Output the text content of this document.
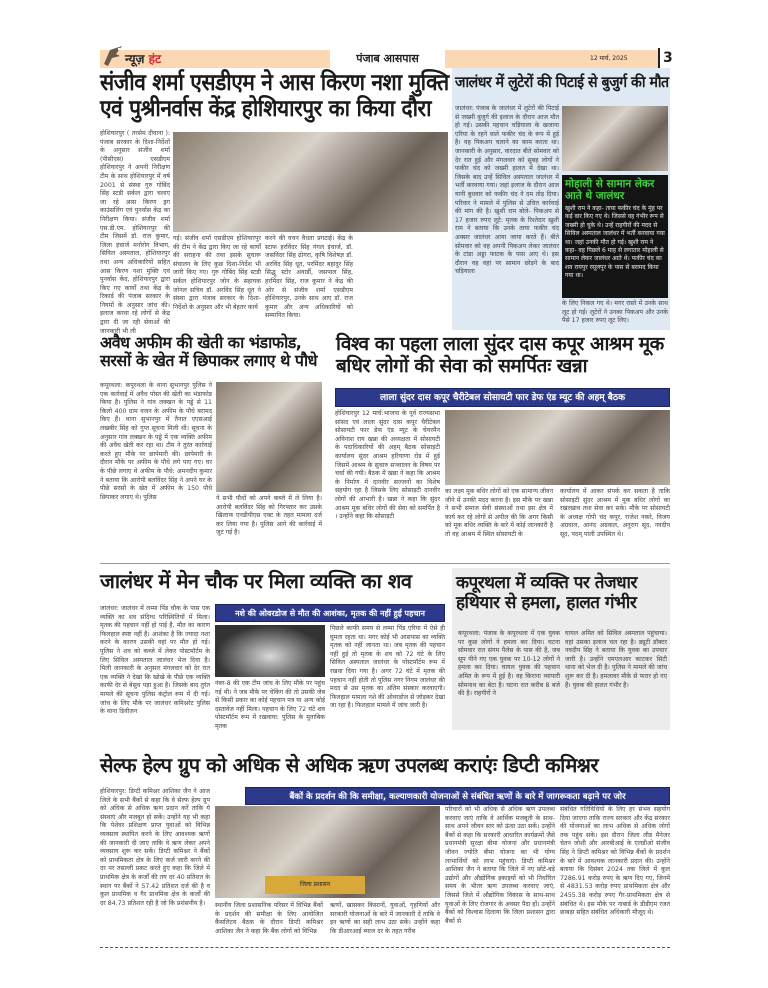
न्यूज़ हंट	पंजाब आसपास	12 मार्च, 2025	3
संजीव शर्मा एसडीएम ने आस किरण नशा मुक्ति एवं पुश्रीनर्वास केंद्र होशियारपुर का किया दौरा
होशियारपुर ( तरसेम दीवाना ): पंजाब सरकार के दिशा-निर्देशों के अनुसार संजीव शर्मा (पीसीएस) एसडीएम होशियारपुर ने अपनी निरीक्षण टीम के साथ होशियारपुर में वर्ष 2001 से संस्था गुरु गोबिंद सिंह स्टडी सर्कल द्वारा चलाए जा रहे आस किरण ड्रग काउंसलिंग एवं पुनर्वास केंद्र का निरीक्षण किया। संजीव शर्मा एस.डी.एम. होशियारपुर की टीम जिसमें डॉ. राज कुमार, जिला इंचार्ज मनोरोग विभाग, सिविल अस्पताल, होशियारपुर तथा अन्य अधिकारियों सहित आस किरण नशा मुक्ति एवं पुनर्वास केंद, होशियारपुर द्वारा किए गए कार्यों तथा केंद्र के रिकार्ड की पंजाब सरकार के नियमों के अनुसार जांच की। इलाज करवा रहे लोगों से केंद्र द्वारा दी जा रही सेवाओं की जानकारी भी ली
गई। संजीव शर्मा एसडीएम होशियारपुर की टीम ने केंद्र द्वारा किए जा रहे कार्यों की सराहना की तथा इसके सुचारू संचालन के लिए कुछ दिशा-निर्देश भी जारी किए गए। गुरु गोबिंद सिंह स्टडी सर्कल होशियारपुर जोन के सहायक जोनल सचिव डॉ. अरविंद सिंह धूत ने संस्था द्वारा पंजाब सरकार के दिशा-निर्देशों के अनुसार और भी बेहतर कार्य
करने की वचन वैधता प्रगटाई। केंद्र के स्टाफ हरविंदर सिंह गंगल इंचार्ज, डॉ. जसविंदर सिंह ढोगरा, कृषि विशेषज्ञ डॉ. अरविंद सिंह धूत, परमिंदर बहादुर सिंह सिद्धू स्टोर अवार्डी, जसपाल सिंह, हरमिंदर सिंह, राज कुमार ने केंद्र की ओर से संजीव शर्मा एसडीएम होशियारपुर, उनके साथ आए डॉ. राज कुमार और अन्य अधिकारियों को सम्मानित किया।
जालंधर में लुटेरों की पिटाई से बुजुर्ग की मौत
जालंधर: पंजाब के जालंधर में लुटेरों की पिटाई से जख्मी बुजुर्ग की इलाज के दौरान आज मौत हो गई। उसकी पहचान चड़ियाला के खजाना एरिया के रहने वाले फकीर चंद के रूप में हुई है। वह पिकअप चलाने का काम करता था। जानकारी के अनुसार, वारदात बीते सोमवार को देर रात हुई और मंगलवार को सुबह लोगों ने फकीर चंद को जख्मी हालत में देखा था। जिसके बाद उन्हें सिविल अस्पताल जालंधर में भर्ती करवाया गया। जहां इलाज के दौरान आज यानी बुधवार को फकीर चंद ने दम तोड़ दिया। परिवार ने मामले में पुलिस से उचित कार्रवाई की मांग की है। खुशी राम बोले- पिकअप से 17 हजार रुपए लूटे: मृतक के रिश्तेदार खुशी राम ने बताया कि उनके ताया फकीर चंद अक्सर जालंधर आया जाया करते हैं। बीते सोमवार को वह अपनी पिकअप लेकर जालंधर के टांडा अड्डा फाटक के पास आए थे। इस दौरान वह वहां पर सामान छोड़ने के बाद चड़ियाला
मोहाली से सामान लेकर आते थे जालंधर
खुशी राम ने कहा- ताया फकीर चंद के मुंह पर कई वार किए गए थे। जिससे वह गंभीर रूप से जख्मी हो चुके थे। उन्हें राहगीरों की मदद से सिविल अस्पताल जालंधर में भर्ती करवाया गया था। जहां उनकी मौत हो गई। खुशी राम ने कहा- वह पिछले 6 माह से लगातार मोहाली से सामान लेकर जालंधर आते थे। फकीर चंद का शव रायपुर रसूलपुर के पास से बरामद किया गया था।
के लिए निकल गए थे। मगर रास्ते में उनके साथ लूट हो गई। लुटेरों ने उनका पिकअप और उनके पैसे 17 हजार रुपए लूट लिए।
अवैध अफीम की खेती का भंडाफोड, सरसों के खेत में छिपाकर लगाए थे पौधे
कपूरथला: कपूरथला के थाना सुभानपुर पुलिस ने एक कार्रवाई में अवैध पोस्त की खेती का भंडाफोड किया है। पुलिस ने गांव लक्खन के पड्डे से 11 किलो 400 ग्राम वजन के अफीम के पौधे बरामद किए हैं। थाना सुभानपुर में तैनात एएसआई लखबीर सिंह को गुप्त सूचना मिली थी। सूचना के अनुसार गांव लक्खन के पड्डे में एक व्यक्ति अफीम की अवैध खेती कर रहा था। टीम ने तुरंत कार्रवाई करते हुए मौके पर छापेमारी की। छापेमारी के दौरान मौके पर अफीम के पौधे लगे पाए गए। घर के पीछे लगाए थे अफीम के पौधे: अमनदीप कुमार ने बताया कि आरोपी बलविंदर सिंह ने अपने घर के पीछे सरसों के खेत में अफीम के 150 पौधे छिपाकर लगाए थे। पुलिस	ने सभी पौधों को अपने कब्जे में ले लिया है। आरोपी बलविंदर सिंह को गिरफ्तार कर उसके खिलाफ एनडीपीएस एक्ट के तहत मामला दर्ज कर लिया गया है। पुलिस आगे की कार्रवाई में जुट गई है।
विश्व का पहला लाला सुंदर दास कपूर आश्रम मूक बधिर लोगों की सेवा को समर्पितः खन्ना
लाला सुंदर दास कपूर चैरीटेबल सोसायटी फार डेफ एंड म्यूट की अहम् बैठक
होशियारपुर 12 मार्च:भाजपा के पूर्व राज्यसभा सांसद एवं लाला सुंदर दास कपूर चैरीटेबल सोसायटी फार डेफ एंड म्यूट के चेयरमैन अविनाश राय खन्ना की अध्यक्षता में सोसायटी के पदाधिकारियों की अहम् बैठक सोसाइटी कार्यालय सुंदर आश्रम हरियाणा रोड में हुई जिसमें आश्रम के सुचारु सञ्चालन के विषय पर चर्चा की गयी। बैठक में खन्ना ने कहा कि आश्रम के निर्माण में दानवीर सज्जनों का विशेष सहयोग रहा है जिसके लिए सोसाइटी दानवीर लोगों की आभारी है। खन्ना ने कहा कि सुंदर आश्रम मूक बधिर लोगों की सेवा को समर्पित है । उन्होंने कहा कि सोसाइटी
का लक्ष्य मूक बधिर लोगों को एक सामान्य जीवन जीने में उनकी मदद करना है। इस मौके पर खन्ना ने सभी समाज सेवी संस्थाओं तथा इस क्षेत्र में कार्य कर रहे लोगों से अपील की कि अगर किसी को मूक बधिर व्यक्ति के बारे में कोई जानकारी है तो वह आश्रम में स्थित सोसायटी के
कार्यालय में आकर संपर्क कर सकता है ताकि सोसाइटी सुंदर आश्रम में मूक बधिर लोगों का रखरखाव तथा सेवा कर सके। मौके पर सोसायटी के अध्यक्ष गोपी चंद कपूर, राजेश नकरे, विजय अग्रवाल, आनंद अग्रवाल, अनुराग सूद, नवदीप सूद, पदम् पाली उपस्थित थे।
जालंधर में मेन चौक पर मिला व्यक्ति का शव
जालंधर: जालंधर में लम्मा पिंड चौक के पास एक व्यक्ति का शव संदिग्ध परिस्थितियों में मिला। मृतक की पहचान नहीं हो पाई है, मौत का कारण फिलहाल स्पष्ट नहीं है। आशंका है कि ज्यादा नशा करने के कारण उसकी वहां पर मौत हो गई। पुलिस ने शव को कब्जे में लेकर पोस्टमॉर्टम के लिए सिविल अस्पताल जालंधर भेज दिया है। मिली जानकारी के अनुसार मंगलवार को देर रात एक व्यक्ति ने देखा कि खोखे के पीछे एक व्यक्ति काफी देर से बेसुध पड़ा हुआ है। जिसके बाद तुरंत मामले की सूचना पुलिस कंट्रोल रूम में दी गई। जांच के लिए मौके पर जालंधर कमिश्नरेट पुलिस के थाना डिवीजन
नशे की ओवरडोज से मौत की आशंका, मृतक की नहीं हुई पहचान
नंबर-8 की एक टीम जांच के लिए मौके पर पहुंच गई थी। ने जब मौके पर चेकिंग की तो उसकी जेब से किसी प्रकार का कोई पहचान पत्र या अन्य कोई दस्तावेज नहीं मिला। पहचान के लिए 72 घंटे शव पोस्टमॉर्टम रूम में रखवाया: पुलिस के मुताबिक मृतक
पिछले काफी समय से लम्मा पिंड एरिया में ऐसे ही घूमता रहता था। मगर कोई भी आसपास का व्यक्ति मृतक को नहीं जानता था। जब मृतक की पहचान नहीं हुई तो मृतक के शव को 72 घंटे के लिए सिविल अस्पताल जालंधर के पोस्टमॉर्टम रूम में रखवा दिया गया है। अगर 72 घंटे में मृतक की पहचान नहीं होती तो पुलिस नगर निगम जालंधर की मदद से उस मृतक का अंतिम संस्कार करवाएगी। फिलहाल मामला नशे की ओवरडोज से जोड़कर देखा जा रहा है। फिलहाल मामले में जांच जारी है।
कपूरथला में व्यक्ति पर तेजधार हथियार से हमला, हालत गंभीर
कपूरथला: पंजाब के कपूरथला में एक युवक पर कुछ लोगों ने हमला कर दिया। घटना सोमवार रात संगम पैलेस के पास की है, जब सूप पीने गए एक युवक पर 10-12 लोगों ने हमला कर दिया। घायल युवक की पहचान अमित के रूप में हुई है। वह किराना व्यापारी सोमनाथ का बेटा है। घटना रात करीब 8 बजे की है। राहगीरों ने
घायल अमित को सिविल अस्पताल पहुंचाया। वहां उसका इलाज चल रहा है। ड्यूटी डॉक्टर नवदीप सिंह ने बताया कि युवक का उपचार जारी है। उन्होंने एमएलआर काटकर सिटी थाना को भेज दी है। पुलिस ने मामले की जांच शुरू कर दी है। हमलावर मौके से फरार हो गए हैं। युवक की हालत गंभीर है।
सेल्फ हेल्प ग्रुप को अधिक से अधिक ऋण उपलब्ध कराएंः डिप्टी कमिश्नर
बैंकों के प्रदर्शन की कि समीक्षा, कल्याणकारी योजनाओं से संबंधित ऋणों के बारे में जागरूकता बढ़ाने पर जोर
होशियारपुर: डिप्टी कमिश्नर आशिका जैन ने आज जिले के सभी बैंकों से कहा कि वे सेल्फ हेल्प ग्रुप को अधिक से अधिक ऋण प्रदान करें ताकि ये संस्थाएं और मजबूत हो सकें। उन्होंने यह भी कहा कि पेशेवर प्रशिक्षण प्राप्त युवाओं को विभिन्न व्यवसाय स्थापित करने के लिए आवश्यक ऋणों की जानकारी दी जाए ताकि वे ऋण लेकर अपने व्यवसाय शुरू कर सकें। डिप्टी कमिश्नर ने बैंकों को प्राथमिकता क्षेत्र के लिए कर्ज जारी करने की दर पर तसल्ली प्रकट करते हुए कहा कि जिले में प्राथमिक क्षेत्र के कर्जों की तय दर 40 प्रतिशत के स्थान पर बैंकों ने 57.42 प्रतिशत दर्ज की है व कुल प्राथमिक व गैर प्राथमिक क्षेत्र के कर्जों की दर 84.73 प्रतिशत रही है जो कि प्रशंसनीय है।
जिला प्रशासन
स्थानीय जिला प्रशासनिक परिसर में विभिन्न बैंकों के प्रदर्शन की समीक्षा के लिए आयोजित कैंसलिटव बैठक के दौरान डिप्टी कमिश्नर आशिका जैन ने कहा कि बैंक लोगों को विभिन्न
ऋणों, खासकर किसानों, युवाओं, गृहणियों और सरकारी योजनाओं के बारे में जानकारी दें ताकि वे इन ऋणों का सही लाभ उठा सकें। उन्होंने कहा कि डीआरआई ब्याज दर के तहत गरीब
परिवारों को भी अधिक से अधिक ऋण उपलब्ध करवाए जाएं ताकि वे आर्थिक मजबूती के साथ-साथ अपने जीवन स्तर को ऊंचा उठा सकें। उन्होंने बैंकों से कहा कि सरकारी आधारित कार्यक्रमों जैसे प्रधानमंत्री सुरक्षा बीमा योजना और प्रधानमंत्री जीवन ज्योति बीमा योजना का भी योग्य लाभार्थियों को लाभ पहुंचाएं। डिप्टी कमिश्नर आशिका जैन ने बताया कि जिले में नए छोटे-बड़े उद्योगों और औद्योगिक इकाइयों को भी निर्धारित समय के भीतर ऋण उपलब्ध करवाए जाएं, जिससे जिले में औद्योगिक विकास के साथ-साथ युवाओं के लिए रोजगार के अवसर पैदा हों। उन्होंने बैंकों को विश्वास दिलाया कि जिला प्रशासन द्वारा बैंकों से
संबंधित गतिविधियों के लिए हर संभव सहयोग दिया जाएगा ताकि राज्य सरकार और केंद्र सरकार की योजनाओं का लाभ अधिक से अधिक लोगों तक पहुंच सके। इस दौरान जिला लीड मैनेजर चेतन जोशी और आरबीआई के एलडीओ संजीव सिंह ने डिप्टी कमिश्नर को विभिन्न बैंकों के प्रदर्शन के बारे में आवश्यक जानकारी प्रदान की। उन्होंने बताया कि दिसंबर 2024 तक जिले में कुल 7286.91 करोड़ रुपए के ऋण दिए गए, जिनमें से 4831.53 करोड़ रुपए प्राथमिकता क्षेत्र और 2455.38 करोड़ रुपए गैर-प्राथमिकता क्षेत्र से संबंधित थे। इस मौके पर नाबार्ड के डीडीएम रजत छाबड़ा सहित संबंधित अधिकारी मौजूद थे।
